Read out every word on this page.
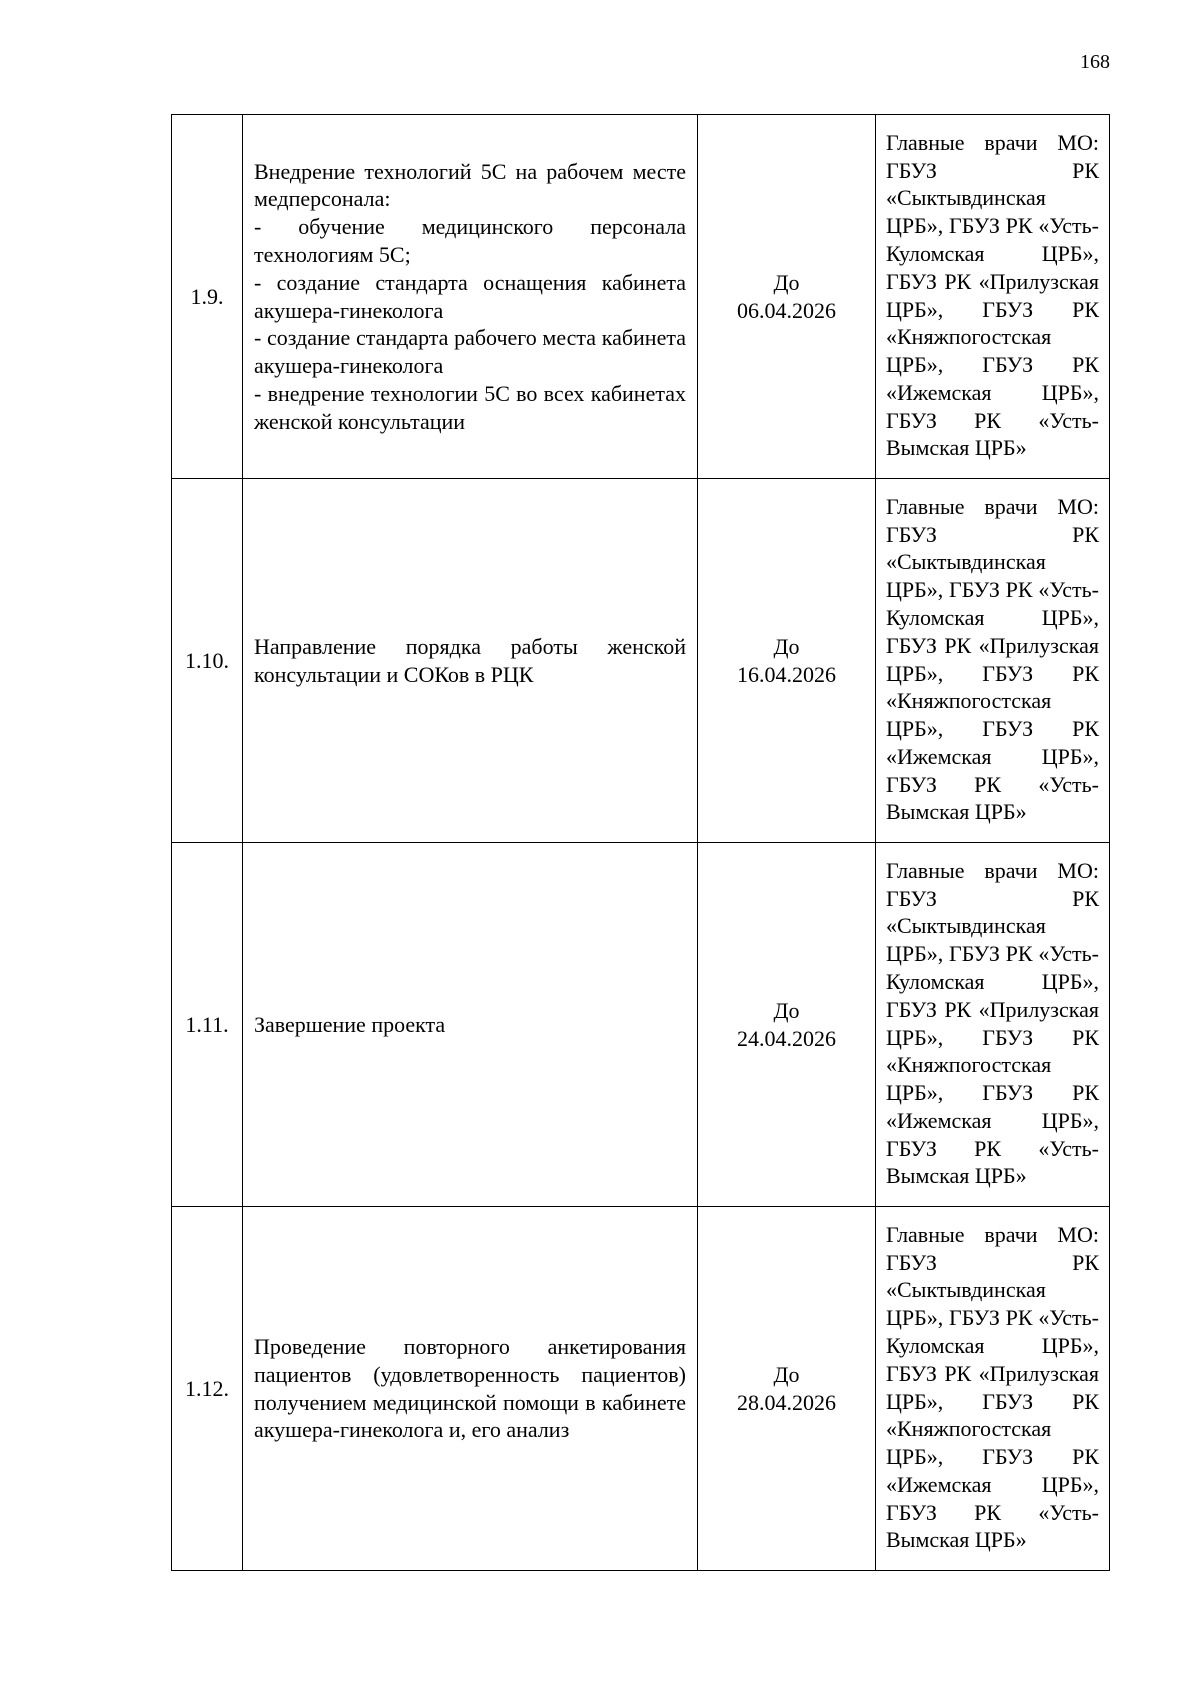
168
1.9.	Внедрение технологий 5С на рабочем месте медперсонала:
- обучение медицинского персонала технологиям 5С;
- создание стандарта оснащения кабинета акушера-гинеколога
- создание стандарта рабочего места кабинета акушера-гинеколога
- внедрение технологии 5С во всех кабинетах женской консультации	До
06.04.2026	Главные врачи МО: ГБУЗ РК «Сыктывдинская ЦРБ», ГБУЗ РК «Усть-Куломская ЦРБ», ГБУЗ РК «Прилузская ЦРБ», ГБУЗ РК «Княжпогостская ЦРБ», ГБУЗ РК «Ижемская ЦРБ», ГБУЗ РК «Усть-Вымская ЦРБ»

1.10.	Направление порядка работы женской консультации и СОКов в РЦК	До
16.04.2026	Главные врачи МО: ГБУЗ РК «Сыктывдинская ЦРБ», ГБУЗ РК «Усть-Куломская ЦРБ», ГБУЗ РК «Прилузская ЦРБ», ГБУЗ РК «Княжпогостская ЦРБ», ГБУЗ РК «Ижемская ЦРБ», ГБУЗ РК «Усть-Вымская ЦРБ»

1.11.	Завершение проекта	До
24.04.2026	Главные врачи МО: ГБУЗ РК «Сыктывдинская ЦРБ», ГБУЗ РК «Усть-Куломская ЦРБ», ГБУЗ РК «Прилузская ЦРБ», ГБУЗ РК «Княжпогостская ЦРБ», ГБУЗ РК «Ижемская ЦРБ», ГБУЗ РК «Усть-Вымская ЦРБ»

1.12.	Проведение повторного анкетирования пациентов (удовлетворенность пациентов) получением медицинской помощи в кабинете акушера-гинеколога и, его анализ	До
28.04.2026	Главные врачи МО: ГБУЗ РК «Сыктывдинская ЦРБ», ГБУЗ РК «Усть-Куломская ЦРБ», ГБУЗ РК «Прилузская ЦРБ», ГБУЗ РК «Княжпогостская ЦРБ», ГБУЗ РК «Ижемская ЦРБ», ГБУЗ РК «Усть-Вымская ЦРБ»
